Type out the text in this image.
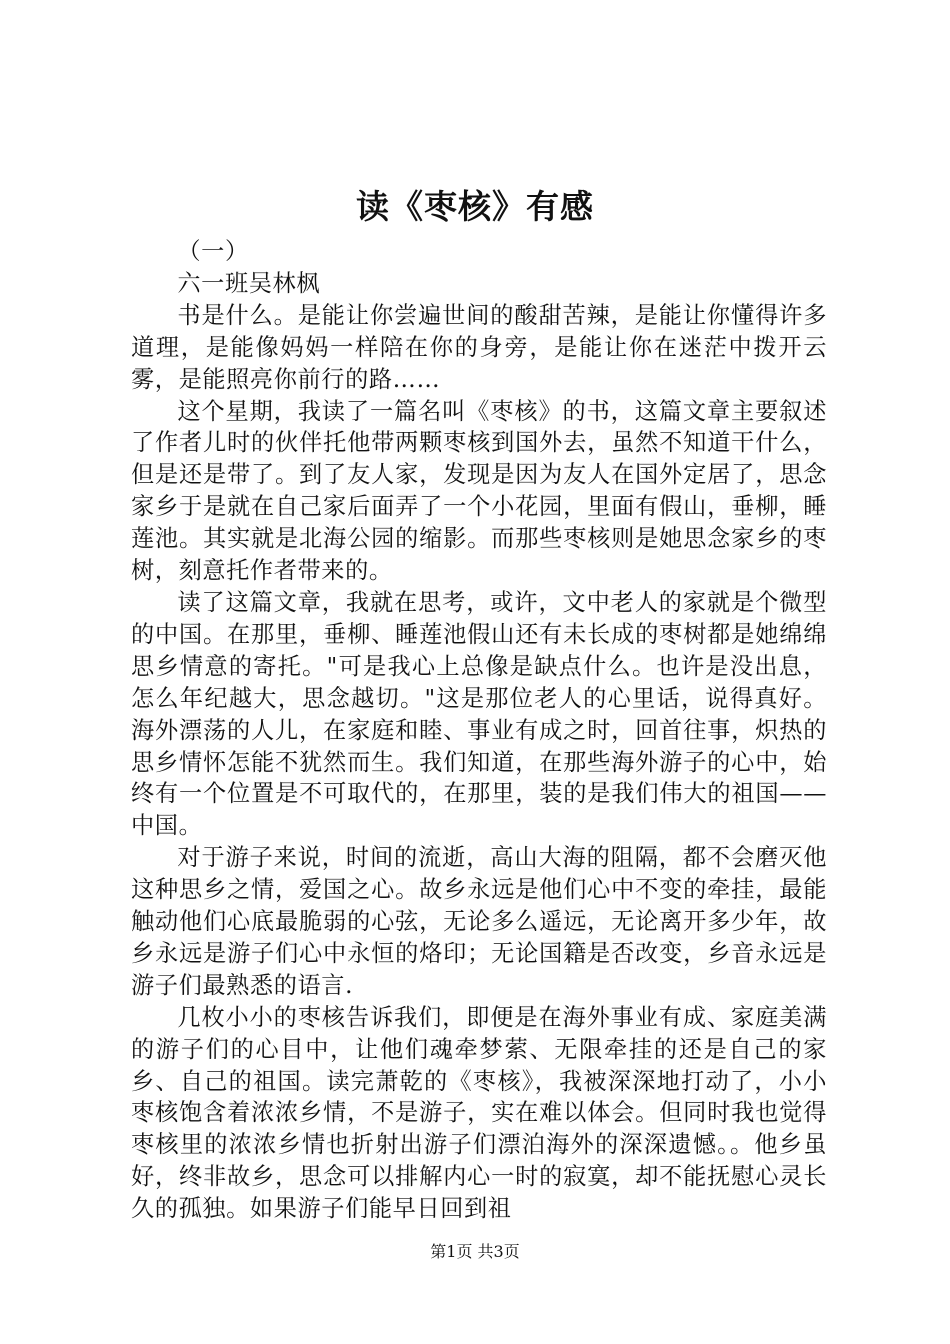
读《枣核》有感

（一）

六一班吴林枫

书是什么。是能让你尝遍世间的酸甜苦辣，是能让你懂得许多道理，是能像妈妈一样陪在你的身旁，是能让你在迷茫中拨开云雾，是能照亮你前行的路……

这个星期，我读了一篇名叫《枣核》的书，这篇文章主要叙述了作者儿时的伙伴托他带两颗枣核到国外去，虽然不知道干什么，但是还是带了。到了友人家，发现是因为友人在国外定居了，思念家乡于是就在自己家后面弄了一个小花园，里面有假山，垂柳，睡莲池。其实就是北海公园的缩影。而那些枣核则是她思念家乡的枣树，刻意托作者带来的。

读了这篇文章，我就在思考，或许，文中老人的家就是个微型的中国。在那里，垂柳、睡莲池假山还有未长成的枣树都是她绵绵思乡情意的寄托。"可是我心上总像是缺点什么。也许是没出息，怎么年纪越大，思念越切。"这是那位老人的心里话，说得真好。海外漂荡的人儿，在家庭和睦、事业有成之时，回首往事，炽热的思乡情怀怎能不犹然而生。我们知道，在那些海外游子的心中，始终有一个位置是不可取代的，在那里，装的是我们伟大的祖国——中国。

对于游子来说，时间的流逝，高山大海的阻隔，都不会磨灭他这种思乡之情，爱国之心。故乡永远是他们心中不变的牵挂，最能触动他们心底最脆弱的心弦，无论多么遥远，无论离开多少年，故乡永远是游子们心中永恒的烙印；无论国籍是否改变，乡音永远是游子们最熟悉的语言.

几枚小小的枣核告诉我们，即便是在海外事业有成、家庭美满的游子们的心目中，让他们魂牵梦萦、无限牵挂的还是自己的家乡、自己的祖国。读完萧乾的《枣核》，我被深深地打动了，小小枣核饱含着浓浓乡情，不是游子，实在难以体会。但同时我也觉得枣核里的浓浓乡情也折射出游子们漂泊海外的深深遗憾。。他乡虽好，终非故乡，思念可以排解内心一时的寂寞，却不能抚慰心灵长久的孤独。如果游子们能早日回到祖

第1页 共3页
